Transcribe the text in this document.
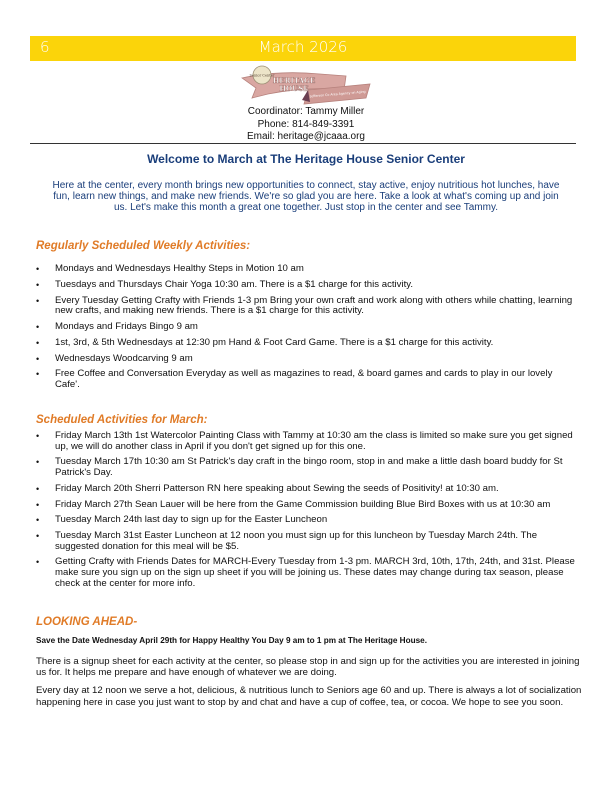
6	March 2026
Senior Center
HERITAGE
HOUSE
Jefferson Co Area Agency on Aging
Coordinator: Tammy Miller
Phone: 814-849-3391
Email: heritage@jcaaa.org
Welcome to March at The Heritage House Senior Center
Here at the center, every month brings new opportunities to connect, stay active, enjoy nutritious hot lunches, have fun, learn new things, and make new friends. We're so glad you are here. Take a look at what's coming up and join us. Let's make this month a great one together. Just stop in the center and see Tammy.
Regularly Scheduled Weekly Activities:
• Mondays and Wednesdays Healthy Steps in Motion 10 am
• Tuesdays and Thursdays Chair Yoga 10:30 am. There is a $1 charge for this activity.
• Every Tuesday Getting Crafty with Friends 1-3 pm Bring your own craft and work along with others while chatting, learning new crafts, and making new friends. There is a $1 charge for this activity.
• Mondays and Fridays Bingo 9 am
• 1st, 3rd, & 5th Wednesdays at 12:30 pm Hand & Foot Card Game. There is a $1 charge for this activity.
• Wednesdays Woodcarving 9 am
• Free Coffee and Conversation Everyday as well as magazines to read, & board games and cards to play in our lovely Cafe'.
Scheduled Activities for March:
• Friday March 13th 1st Watercolor Painting Class with Tammy at 10:30 am the class is limited so make sure you get signed up, we will do another class in April if you don't get signed up for this one.
• Tuesday March 17th 10:30 am St Patrick's day craft in the bingo room, stop in and make a little dash board buddy for St Patrick's Day.
• Friday March 20th Sherri Patterson RN here speaking about Sewing the seeds of Positivity! at 10:30 am.
• Friday March 27th Sean Lauer will be here from the Game Commission building Blue Bird Boxes with us at 10:30 am
• Tuesday March 24th last day to sign up for the Easter Luncheon
• Tuesday March 31st Easter Luncheon at 12 noon you must sign up for this luncheon by Tuesday March 24th. The suggested donation for this meal will be $5.
• Getting Crafty with Friends Dates for MARCH-Every Tuesday from 1-3 pm. MARCH 3rd, 10th, 17th, 24th, and 31st. Please make sure you sign up on the sign up sheet if you will be joining us. These dates may change during tax season, please check at the center for more info.
LOOKING AHEAD-
Save the Date Wednesday April 29th for Happy Healthy You Day 9 am to 1 pm at The Heritage House.
There is a signup sheet for each activity at the center, so please stop in and sign up for the activities you are interested in joining us for. It helps me prepare and have enough of whatever we are doing.
Every day at 12 noon we serve a hot, delicious, & nutritious lunch to Seniors age 60 and up. There is always a lot of socialization happening here in case you just want to stop by and chat and have a cup of coffee, tea, or cocoa. We hope to see you soon.
